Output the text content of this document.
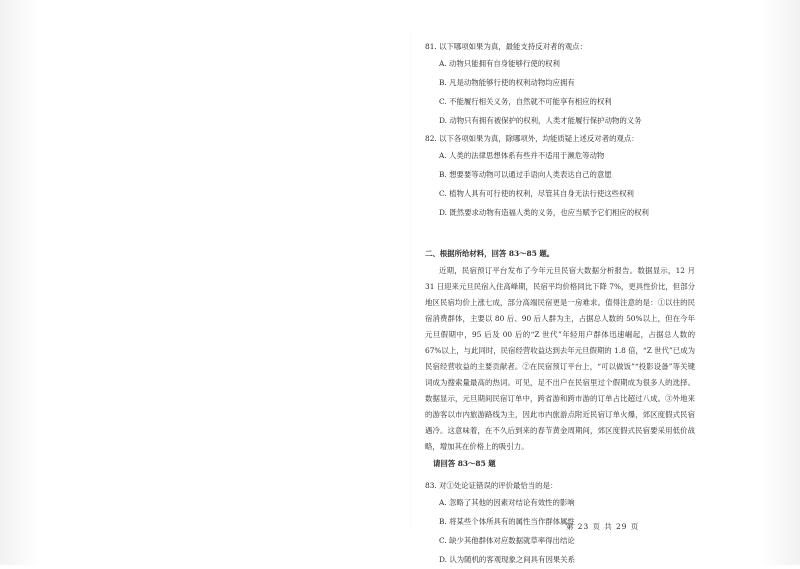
81. 以下哪项如果为真，最能支持反对者的观点：

A. 动物只能拥有自身能够行使的权利

B. 凡是动物能够行使的权利动物均应拥有

C. 不能履行相关义务，自然就不可能享有相应的权利

D. 动物只有拥有被保护的权利，人类才能履行保护动物的义务

82. 以下各项如果为真，除哪项外，均能质疑上述反对者的观点：

A. 人类的法律思想体系有些并不适用于濒危等动物

B. 想要要等动物可以通过手语向人类表达自己的意愿

C. 植物人具有可行使的权利，尽管其自身无法行使这些权利

D. 既然要求动物有造福人类的义务，也应当赋予它们相应的权利

二、根据所给材料，回答 83～85 题。

近期，民宿预订平台发布了今年元旦民宿大数据分析报告。数据显示，12 月 31 日迎来元旦民宿入住高峰期，民宿平均价格同比下降 7%，更具性价比，但部分地区民宿均价上涨七成，部分高端民宿更是一房难求。值得注意的是：①以往的民宿消费群体，主要以 80 后、90 后人群为主，占据总人数的 50%以上，但在今年元旦假期中，95 后及 00 后的“Z 世代”年轻用户群体迅速崛起，占据总人数的 67%以上，与此同时，民宿经营收益达到去年元旦假期的 1.8 倍，“Z 世代”已成为民宿经营收益的主要贡献者。②在民宿预订平台上，“可以做饭”“投影设备”等关键词成为搜索量最高的热词。可见，足不出户在民宿里过个假期成为很多人的选择。数据显示，元旦期间民宿订单中，跨省游和跨市游的订单占比超过八成。③外地来的游客以市内旅游路线为主，因此市内旅游点附近民宿订单火爆，郊区度假式民宿遇冷。这意味着，在不久后到来的春节黄金周期间，郊区度假式民宿要采用低价战略，增加其在价格上的吸引力。

请回答 83～85 题

83. 对①处论证错误的评价最恰当的是：

A. 忽略了其他的因素对结论有效性的影响

B. 将某些个体所具有的属性当作群体属性

C. 缺少其他群体对应数据就草率得出结论

D. 认为随机的客观现象之间具有因果关系

第 23 页 共 29 页
